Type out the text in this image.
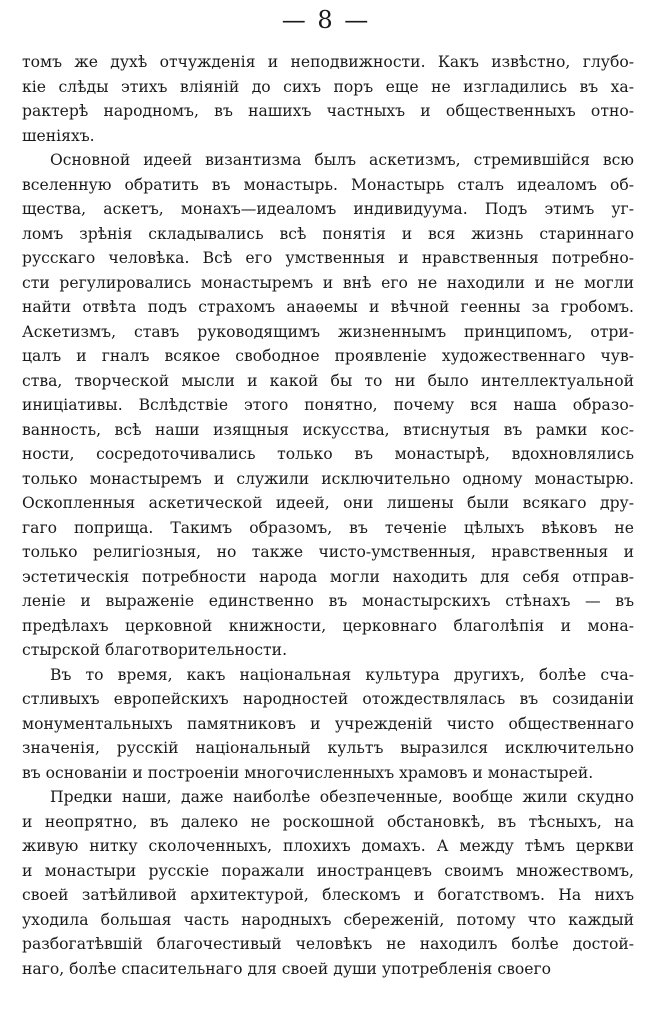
— 8 —
томъ же духѣ отчужденія и неподвижности. Какъ извѣстно, глубо-
кіе слѣды этихъ вліяній до сихъ поръ еще не изгладились въ ха-
рактерѣ народномъ, въ нашихъ частныхъ и общественныхъ отно-
шеніяхъ.
Основной идеей византизма былъ аскетизмъ, стремившійся всю
вселенную обратить въ монастырь. Монастырь сталъ идеаломъ об-
щества, аскетъ, монахъ—идеаломъ индивидуума. Подъ этимъ уг-
ломъ зрѣнія складывались всѣ понятія и вся жизнь стариннаго
русскаго человѣка. Всѣ его умственныя и нравственныя потребно-
сти регулировались монастыремъ и внѣ его не находили и не могли
найти отвѣта подъ страхомъ анаѳемы и вѣчной геенны за гробомъ.
Аскетизмъ, ставъ руководящимъ жизненнымъ принципомъ, отри-
цалъ и гналъ всякое свободное проявленіе художественнаго чув-
ства, творческой мысли и какой бы то ни было интеллектуальной
иниціативы. Вслѣдствіе этого понятно, почему вся наша образо-
ванность, всѣ наши изящныя искусства, втиснутыя въ рамки кос-
ности, сосредоточивались только въ монастырѣ, вдохновлялись
только монастыремъ и служили исключительно одному монастырю.
Оскопленныя аскетической идеей, они лишены были всякаго дру-
гаго поприща. Такимъ образомъ, въ теченіе цѣлыхъ вѣковъ не
только религіозныя, но также чисто-умственныя, нравственныя и
эстетическія потребности народа могли находить для себя отправ-
леніе и выраженіе единственно въ монастырскихъ стѣнахъ — въ
предѣлахъ церковной книжности, церковнаго благолѣпія и мона-
стырской благотворительности.
Въ то время, какъ національная культура другихъ, болѣе сча-
стливыхъ европейскихъ народностей отождествлялась въ созиданіи
монументальныхъ памятниковъ и учрежденій чисто общественнаго
значенія, русскій національный культъ выразился исключительно
въ основаніи и построеніи многочисленныхъ храмовъ и монастырей.
Предки наши, даже наиболѣе обезпеченные, вообще жили скудно
и неопрятно, въ далеко не роскошной обстановкѣ, въ тѣсныхъ, на
живую нитку сколоченныхъ, плохихъ домахъ. А между тѣмъ церкви
и монастыри русскіе поражали иностранцевъ своимъ множествомъ,
своей затѣйливой архитектурой, блескомъ и богатствомъ. На нихъ
уходила большая часть народныхъ сбереженій, потому что каждый
разбогатѣвшій благочестивый человѣкъ не находилъ болѣе достой-
наго, болѣе спасительнаго для своей души употребленія своего
